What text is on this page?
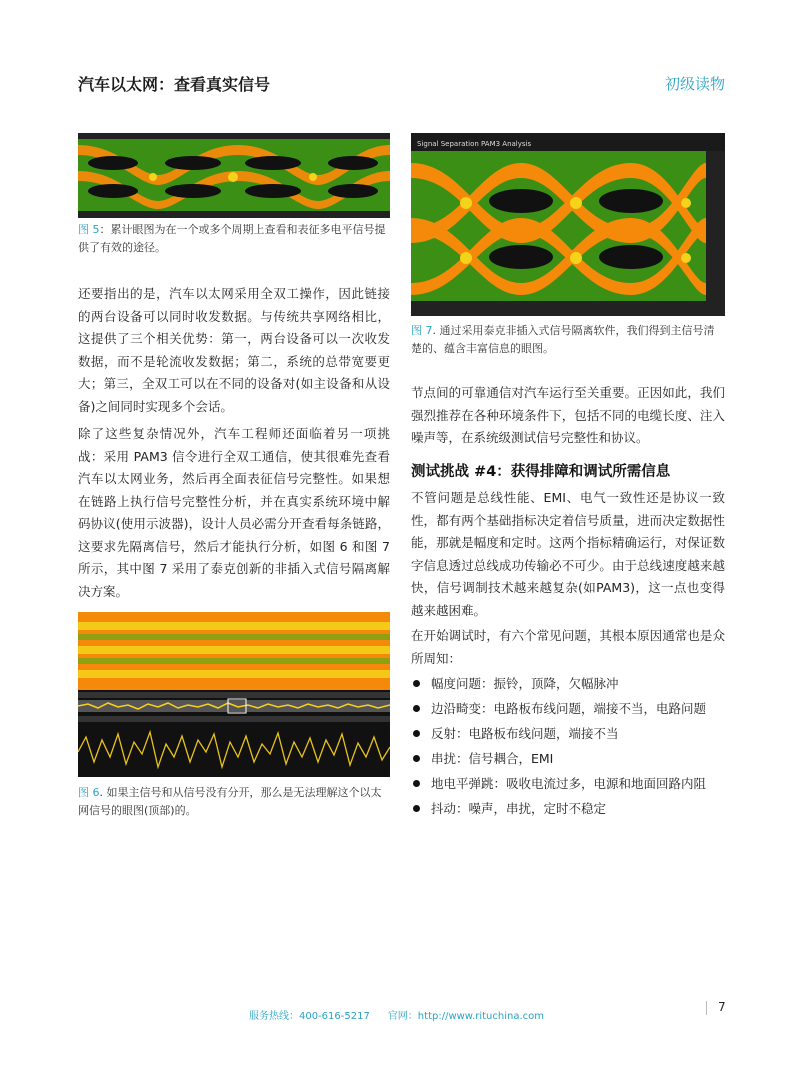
汽车以太网：查看真实信号	初级读物
图 5：累计眼图为在一个或多个周期上查看和表征多电平信号提供了有效的途径。

还要指出的是，汽车以太网采用全双工操作，因此链接的两台设备可以同时收发数据。与传统共享网络相比，这提供了三个相关优势：第一，两台设备可以一次收发数据，而不是轮流收发数据；第二，系统的总带宽要更大；第三，全双工可以在不同的设备对(如主设备和从设备)之间同时实现多个会话。

除了这些复杂情况外，汽车工程师还面临着另一项挑战：采用 PAM3 信令进行全双工通信，使其很难先查看汽车以太网业务，然后再全面表征信号完整性。如果想在链路上执行信号完整性分析，并在真实系统环境中解码协议(使用示波器)，设计人员必需分开查看每条链路，这要求先隔离信号，然后才能执行分析，如图 6 和图 7 所示，其中图 7 采用了泰克创新的非插入式信号隔离解决方案。

图 6. 如果主信号和从信号没有分开，那么是无法理解这个以太网信号的眼图(顶部)的。
Signal Separation PAM3 Analysis
图 7. 通过采用泰克非插入式信号隔离软件，我们得到主信号清楚的、蕴含丰富信息的眼图。

节点间的可靠通信对汽车运行至关重要。正因如此，我们强烈推荐在各种环境条件下，包括不同的电缆长度、注入噪声等，在系统级测试信号完整性和协议。

测试挑战 #4：获得排障和调试所需信息

不管问题是总线性能、EMI、电气一致性还是协议一致性，都有两个基础指标决定着信号质量，进而决定数据性能，那就是幅度和定时。这两个指标精确运行，对保证数字信息透过总线成功传输必不可少。由于总线速度越来越快，信号调制技术越来越复杂(如PAM3)，这一点也变得越来越困难。

在开始调试时，有六个常见问题，其根本原因通常也是众所周知：

幅度问题：振铃，顶降，欠幅脉冲
边沿畸变：电路板布线问题，端接不当，电路问题
反射：电路板布线问题，端接不当
串扰：信号耦合，EMI
地电平弹跳：吸收电流过多，电源和地面回路内阻
抖动：噪声，串扰，定时不稳定
服务热线：400-616-5217 官网：http://www.rituchina.com
7
